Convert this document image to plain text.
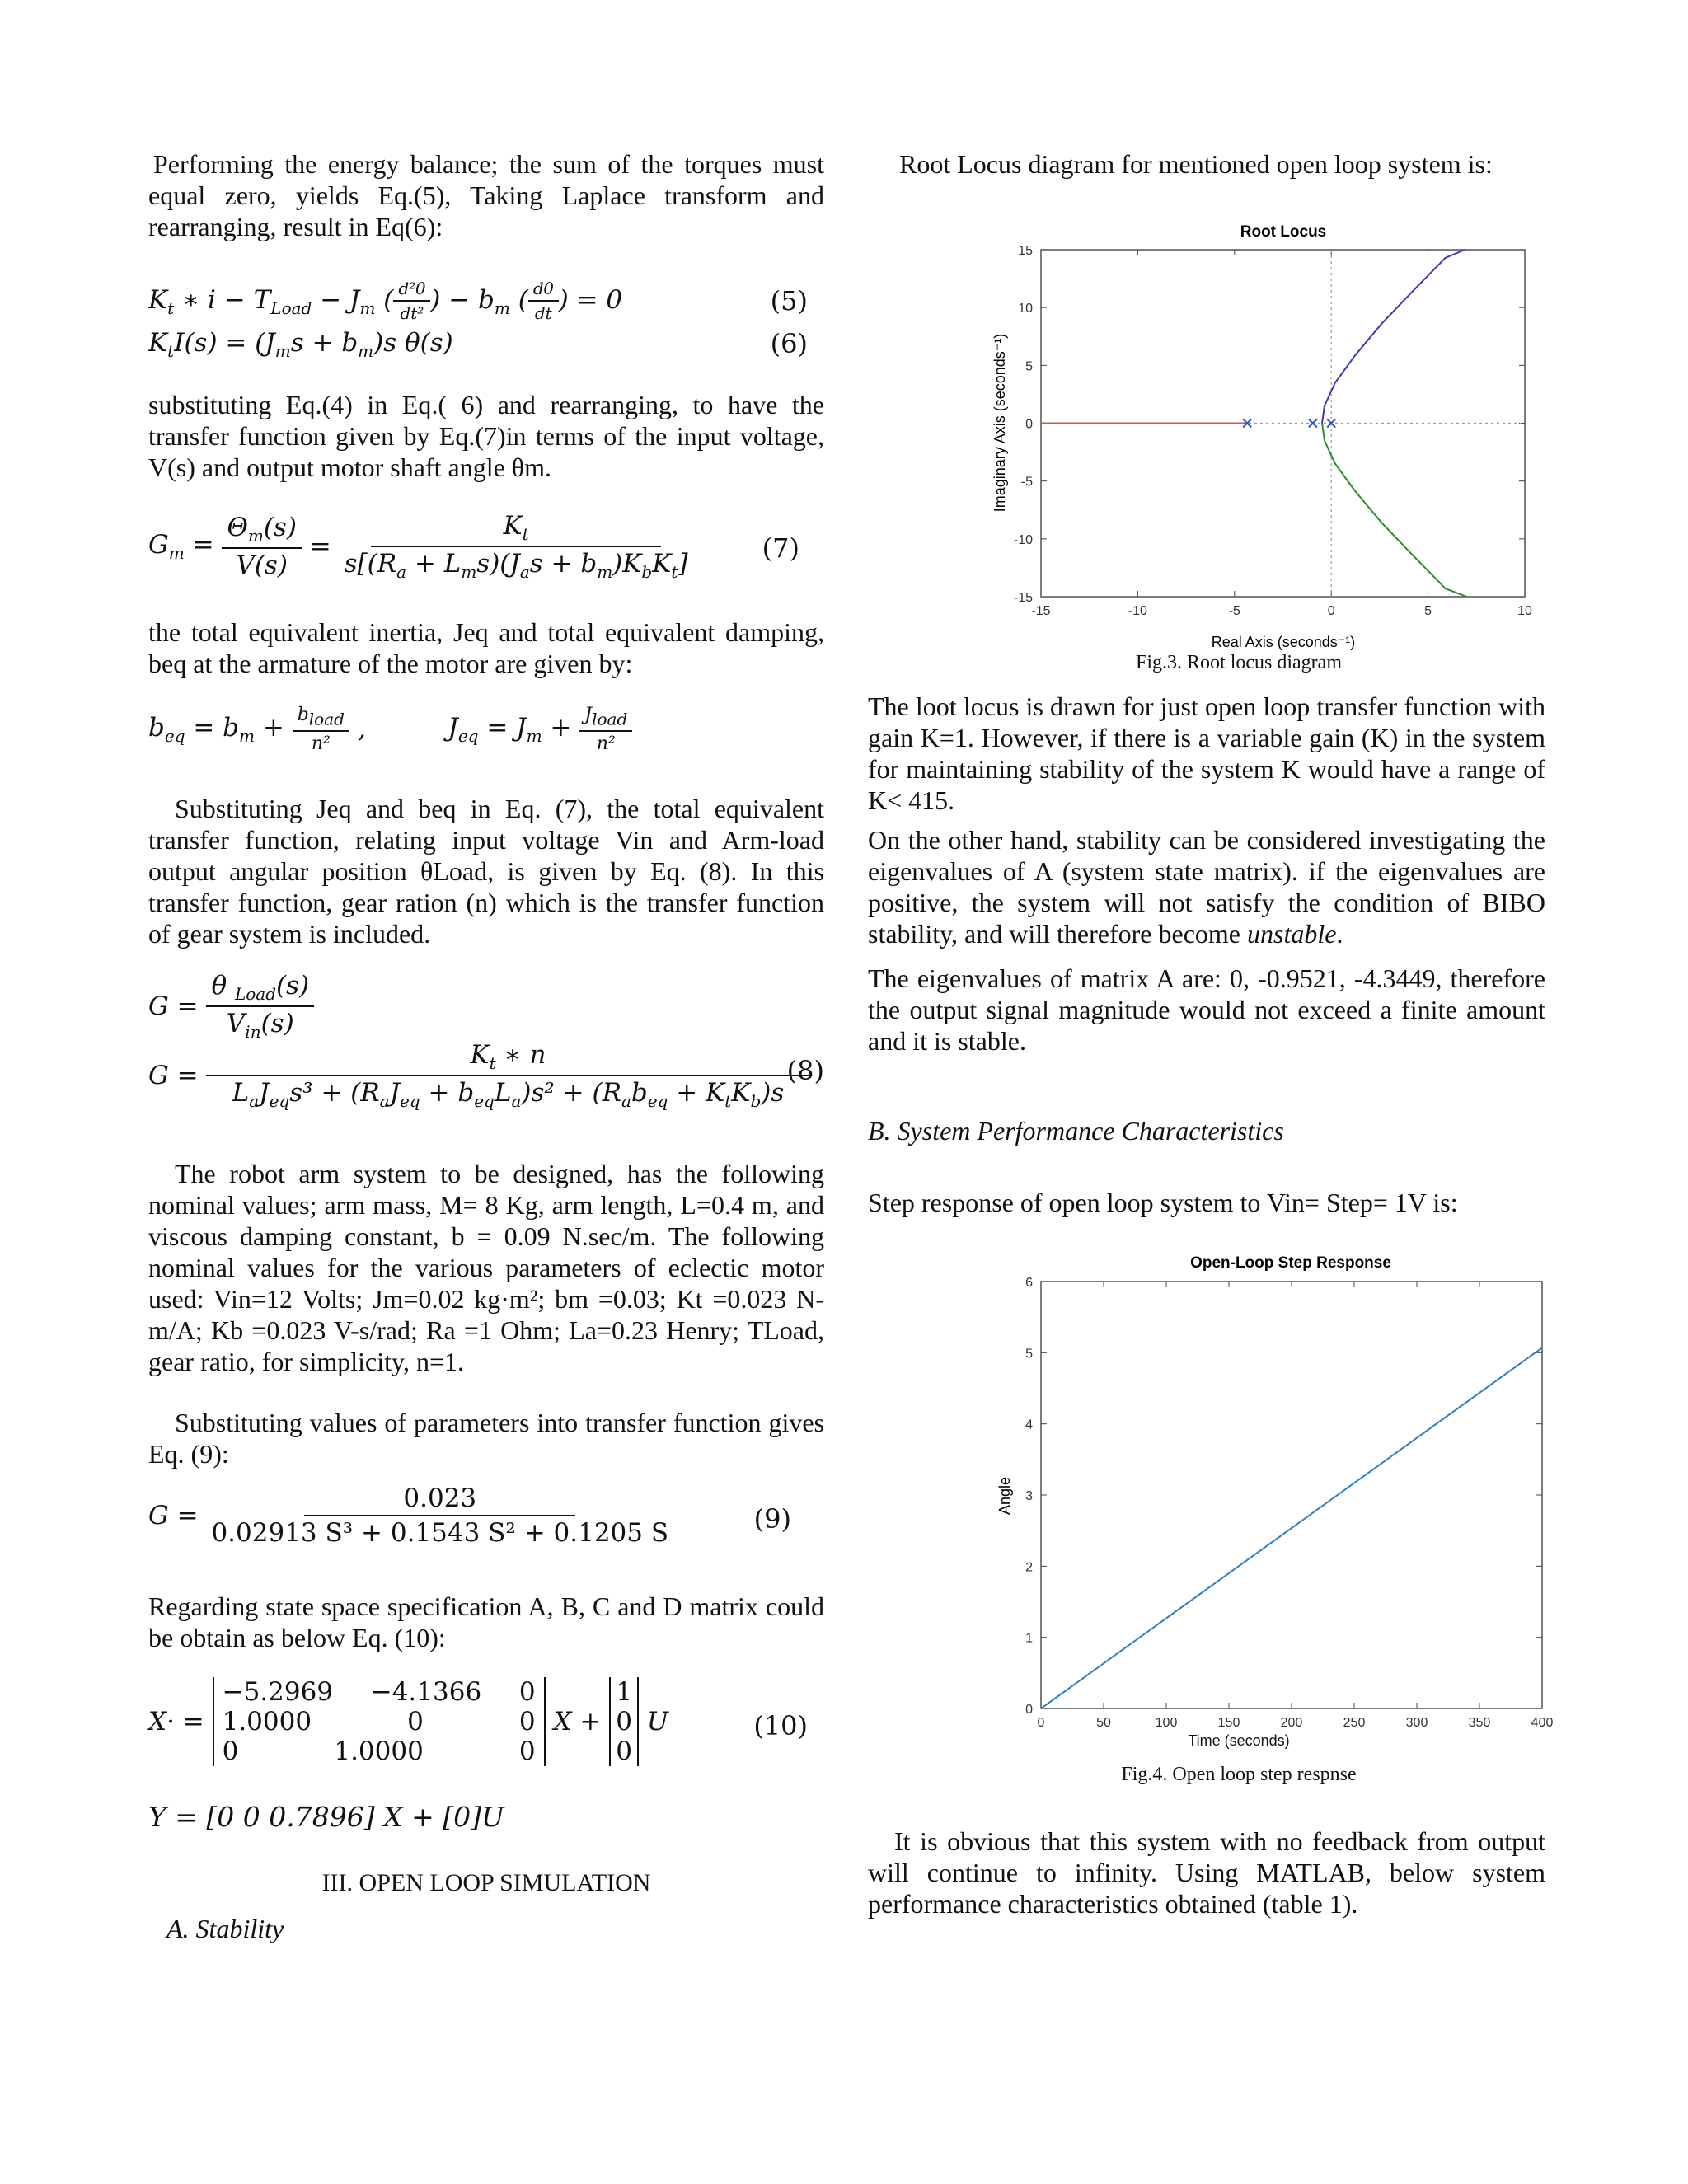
Performing the energy balance; the sum of the torques must equal zero, yields Eq.(5), Taking Laplace transform and rearranging, result in Eq(6):

$K_t$ ∗ $i - T_{Load} - J_m$ ( $\frac{\text{d²θ}}{\text{dt²}}$ ) − $b_m$ ( $\frac{d\theta}{dt}$ ) = 0	(5)
$K_tI(s) = (J_ms + b_m)s$ θ(s)	(6)

substituting Eq.(4) in Eq.( 6) and rearranging, to have the transfer function given by Eq.(7)in terms of the input voltage, V(s) and output motor shaft angle θm.

$G_m = \frac{\Theta_m(s)}{V(s)} = \frac{K_t}{s[(R_a + L_ms)(J_as + b_m)K_bK_t]}$	(7)

the total equivalent inertia, Jeq and total equivalent damping, beq at the armature of the motor are given by:

$b_{eq} = b_m + \frac{\text{bload}}{\text{n²}}$ ,	$J_{eq} = J_m + \frac{\text{Jload}}{\text{n²}}$

Substituting Jeq and beq in Eq. (7), the total equivalent transfer function, relating input voltage Vin and Arm-load output angular position θLoad, is given by Eq. (8). In this transfer function, gear ration (n) which is the transfer function of gear system is included.

$G = \frac{\theta _{Load}(s)}{V_{in}(s)}$
$G = \frac{K_t ∗ n}{L_aJ_{eq}s^3 + (R_aJ_{eq} + b_{eq}L_a)s^2 + (R_ab_{eq} + K_tK_b)s}$
(8)

The robot arm system to be designed, has the following nominal values; arm mass, M= 8 Kg, arm length, L=0.4 m, and viscous damping constant, b = 0.09 N.sec/m. The following nominal values for the various parameters of eclectic motor used: Vin=12 Volts; Jm=0.02 kg·m²; bm =0.03; Kt =0.023 N-m/A; Kb =0.023 V-s/rad; Ra =1 Ohm; La=0.23 Henry; TLoad, gear ratio, for simplicity, n=1.

Substituting values of parameters into transfer function gives Eq. (9):

$G = \frac{0.023}{\text{0.02913 S³ + 0.1543 S² + 0.1205 S}}$	(9)

Regarding state space specification A, B, C and D matrix could be obtain as below Eq. (10):

X· =
−5.2969 −4.1366 0
1.0000	0	0
0	1.0000	0
X +
1
0
0
U	(10)
Y = [0 0 0.7896] X + [0]U
III. OPEN LOOP SIMULATION
A. Stability

Root Locus diagram for mentioned open loop system is:

Root Locus
-15	-10	-5	0	5	10
-15
-10
-5
0
5
10
15
Real Axis (seconds⁻¹)
Imaginary Axis (seconds⁻¹)
Fig.3. Root locus diagram

The loot locus is drawn for just open loop transfer function with gain K=1. However, if there is a variable gain (K) in the system for maintaining stability of the system K would have a range of K< 415.

On the other hand, stability can be considered investigating the eigenvalues of A (system state matrix). if the eigenvalues are positive, the system will not satisfy the condition of BIBO stability, and will therefore become unstable.

The eigenvalues of matrix A are: 0, -0.9521, -4.3449, therefore the output signal magnitude would not exceed a finite amount and it is stable.

B. System Performance Characteristics

Step response of open loop system to Vin= Step= 1V is:

Open-Loop Step Response
0	50	100	150	200	250	300	350	400
0
1
2
3
4
5
6
Angle
Time (seconds)
Fig.4. Open loop step respnse

It is obvious that this system with no feedback from output will continue to infinity. Using MATLAB, below system performance characteristics obtained (table 1).
